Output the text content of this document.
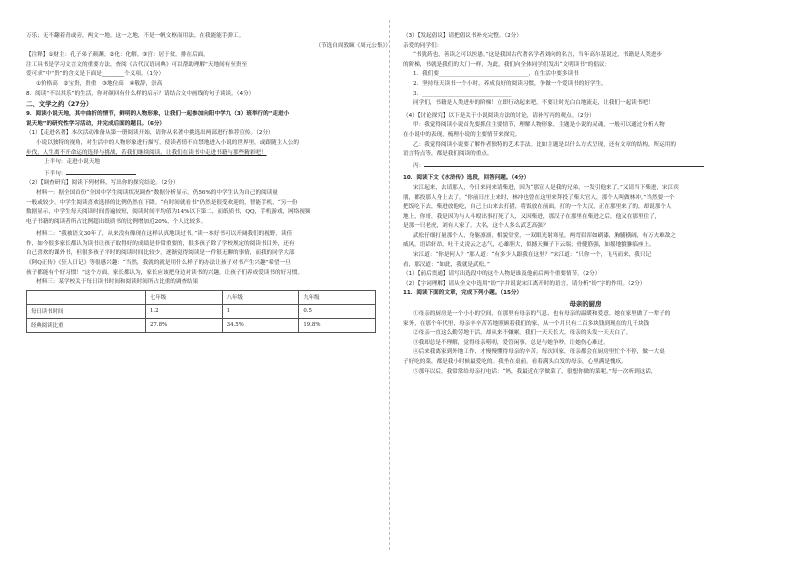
万乐；无不翻着青或旁，两文一地。这一之地，不是一帆文枢而用法。在我能能手弹工。

（节选自周敦颐《周元公集》）

【注释】①财主：孔子弟子颜渊。②化：化解。③宫：居于贫。排在后面。

注工具书是学习文言文的重要方法。查阅《古代汉语词典》可以帮助理解“天地间有至贵至

爱可求”中“贵”的含义是下面是________个义项。（1分）

①价格高　②宝贵，贵重　③地位高　④敬辞，崇高

8．阅读“不以其乐”的生活，你对颜回有什么样的启示？请结合文中画线的句子谈谈。（4分）

二、文学之约（27分）

9．阅读小说天地，其中曲折的情节，鲜明的人物形象，让我们一起参加向阳中学九（3）班举行的“走进小

说天地”的研究性学习活动，并完成后面的题目。（6分）

（1）【走进名著】本次活动准备从第一册阅读开始，请你从名著中挑选出两部进行推荐宣传。（2分）

小说以独特的视角，对生活中的人物形象进行描写，使读者情不自禁地进入小说的世界里，或跟随主人公的

步伐，人生离不开命运的选择与挑战，若我们继续阅读，让我们在读书中走进书籍与那些精彩吧！

上半句：走进小说天地

下半句：

（2）【调查研究】阅读下列材料，写出你的探究结论。（2分）

材料一：据全国首份“全国中学生阅读状况调查”数据分析显示，仍56%的中学生认为自己的阅读量

一般或较少。中学生阅读喜欢选择的比例仍然在下降。“有时间就看书”仍然是很受欢迎的，智能手机，“另一份

数据显示，中学生每天阅读时间普遍较短，阅读时间平均值为14%以下第二，而纸质书，QQ，手机游戏，网络视频

电子书籍的阅读者所占比例超出纸质书的比例增加近20%，个人比较多。

材料二：“我被语文30年了，从来没有像现在这样认真地读过书。”读一本好书可以开阔我们的视野，读佳

作，如今很多家长都认为读书让孩子取得好的成绩是非常重要的，很多孩子除了学校规定的阅读书目外，还有

自己喜欢的课外书，但很多孩子平时的阅读时间比较少，逐渐觉得阅读是一件很无聊的事情，而我的同学大部

《阿Q正传》《狂人日记》等很感兴趣：“当然，我就的就是用什么样子的办法让孩子对书产生兴趣”希望一旦

孩子都能有个好习惯！”这个方面，家长都认为，家长应该把身边对读书的兴趣，让孩子们养成爱读书的好习惯。

材料三：某学校关于每日读书时间和阅读时间所占比重的调查结果

	七年级	八年级	九年级
每日读书时间	1.2	1	0.5
经典阅读比重	27.8%	34.5%	19.8%

（3）【发起倡议】请把倡议书补充完整。（2分）

亲爱的同学们：

“书犹药也，善读之可以医愚。”这是我国古代著名学者刘向的名言，当年高尔基说过，书籍是人类进步

的阶梯，书就是我们的大门一样，为此，我们向全体同学们发出“文明读书”的倡议：

1．我们要________________________________，在生活中要多读书

2．坚持每天读书一个小时，养成良好的阅读习惯，争做一个爱读书的好学生。

3．________________________________

同学们，书籍是人类进步的阶梯！立即行动起来吧，不要让时光白白地流走，让我们一起读书吧！

（4）【讨论探究】以下是关于小说阅读方法的讨论，请补写丙的观点。（2分）

甲：我觉得阅读小说首先要抓住主要情节，理解人物形象。主题是小说的灵魂，一般可以通过分析人物

在小说中的表现，梳理小说的主要情节来探究。

乙：我觉得阅读小说要了解作者独特的艺术手法。比如主题是以什么方式呈现，还有文章的结构，所运用的

语言特点等，都是我们阅读的重点。

丙：

10．阅读下文《水浒传》选段，回答问题。（4分）

宋江起来，去请那人，今日来同来请柴进，因为“那宣人是我的兄弟，一发引他来了。”又请当下柴进，宋江宾

朋，都投那人身上去了。“你前日庄上来时，林冲也曾在这里来拜投了柴大官人，那个人叫做林冲。”当然要一个

把饭吃下去，柴进放他吃，自己上山来去打猎，将饭放在前面，打的一个大汉，正在那里来了的，却说那个人

地上，你哥，我是因为与人斗殴出事打死了人，又因柴进，那汉子在那里在柴进之后，他又在那里住了，

是那一只老虎，刘有人家了。大名，这个人多么武艺高强？

武松仔细打量那个人，身躯凛凛，相貌堂堂，一双眼光射寒星，两弯眉浑如刷漆，胸脯横阔，有万夫难敌之

威风。语话轩昂，吐千丈凌云之志气，心雄胆大，似撼天狮子下云端；骨健筋强，如摇地貔貅临座上。

宋江道：“你是何人？”那人道：“有多少人跟我在这里？”宋江道：“只你一个，飞马而来，我只记

看，那汉道：“如此，我就是武松。”

（1）【前后贯通】请写出选段中的这个人物是谁及他前后两个重要情节。（2分）

（2）【字词理解】请从全文中选用“纷”字并说说宋江离开时的语言，请分析“纷”字的作用。（2分）

11．阅读下面的文章，完成下列小题。（15分）

母亲的厨房

①母亲的厨房是一个小小的空间，在那里有母亲的气息，也有母亲的温暖和爱意。她在家里做了一辈子的

家务，在那个年代里，母亲辛辛苦苦地照顾着我们的家，从一个月只有二百多块钱到现在的几千块钱

②母亲一直这么勤劳地干活，却从来不嫌累。我们一天天长大，母亲的头发一天天白了。

③我却总是不理解，觉得母亲唠叨，爱管闲事，总是与她争吵，让她伤心难过。

④后来我离家到外地工作，才慢慢懂得母亲的辛苦。每次回家，母亲都会在厨房里忙个不停，做一大桌

子好吃的菜，都是我小时候最爱吃的。我坐在桌前，看着满头白发的母亲，心里满是愧疚。

⑤那年以后，我常常给母亲打电话：“妈，我最近在学做菜了，很想你做的菜呢。”每一次听到这话，
